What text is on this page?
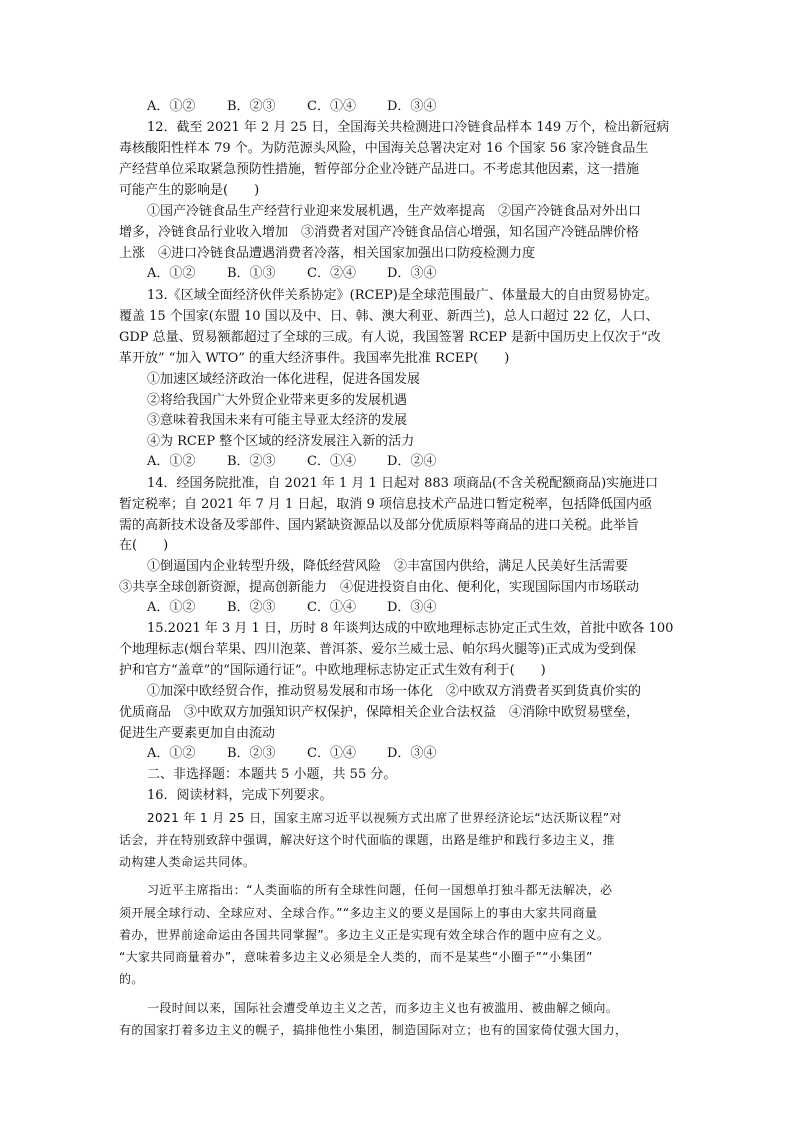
A．①② B．②③ C．①④ D．③④
12．截至 2021 年 2 月 25 日，全国海关共检测进口冷链食品样本 149 万个，检出新冠病
毒核酸阳性样本 79 个。为防范源头风险，中国海关总署决定对 16 个国家 56 家冷链食品生
产经营单位采取紧急预防性措施，暂停部分企业冷链产品进口。不考虑其他因素，这一措施
可能产生的影响是(　　)
①国产冷链食品生产经营行业迎来发展机遇，生产效率提高　②国产冷链食品对外出口
增多，冷链食品行业收入增加　③消费者对国产冷链食品信心增强，知名国产冷链品牌价格
上涨　④进口冷链食品遭遇消费者冷落，相关国家加强出口防疫检测力度
A．①② B．①③ C．②④ D．③④
13.《区域全面经济伙伴关系协定》(RCEP)是全球范围最广、体量最大的自由贸易协定。
覆盖 15 个国家(东盟 10 国以及中、日、韩、澳大利亚、新西兰)，总人口超过 22 亿，人口、
GDP 总量、贸易额都超过了全球的三成。有人说，我国签署 RCEP 是新中国历史上仅次于“改
革开放” “加入 WTO” 的重大经济事件。我国率先批准 RCEP(　　)
①加速区域经济政治一体化进程，促进各国发展
②将给我国广大外贸企业带来更多的发展机遇
③意味着我国未来有可能主导亚太经济的发展
④为 RCEP 整个区域的经济发展注入新的活力
A．①② B．②③ C．①④ D．②④
14．经国务院批准，自 2021 年 1 月 1 日起对 883 项商品(不含关税配额商品)实施进口
暂定税率；自 2021 年 7 月 1 日起，取消 9 项信息技术产品进口暂定税率，包括降低国内亟
需的高新技术设备及零部件、国内紧缺资源品以及部分优质原料等商品的进口关税。此举旨
在(　　)
①倒逼国内企业转型升级，降低经营风险　②丰富国内供给，满足人民美好生活需要
③共享全球创新资源，提高创新能力　④促进投资自由化、便利化，实现国际国内市场联动
A．①② B．②③ C．①④ D．③④
15.2021 年 3 月 1 日，历时 8 年谈判达成的中欧地理标志协定正式生效，首批中欧各 100
个地理标志(烟台苹果、四川泡菜、普洱茶、爱尔兰威士忌、帕尔玛火腿等)正式成为受到保
护和官方“盖章”的“国际通行证”。中欧地理标志协定正式生效有利于(　　)
①加深中欧经贸合作，推动贸易发展和市场一体化　②中欧双方消费者买到货真价实的
优质商品　③中欧双方加强知识产权保护，保障相关企业合法权益　④消除中欧贸易壁垒，
促进生产要素更加自由流动
A．①② B．②③ C．①④ D．③④
二、非选择题：本题共 5 小题，共 55 分。
16．阅读材料，完成下列要求。
2021 年 1 月 25 日，国家主席习近平以视频方式出席了世界经济论坛“达沃斯议程”对
话会，并在特别致辞中强调，解决好这个时代面临的课题，出路是维护和践行多边主义，推
动构建人类命运共同体。
习近平主席指出：“人类面临的所有全球性问题，任何一国想单打独斗都无法解决，必
须开展全球行动、全球应对、全球合作。”“多边主义的要义是国际上的事由大家共同商量
着办，世界前途命运由各国共同掌握”。多边主义正是实现有效全球合作的题中应有之义。
“大家共同商量着办”，意味着多边主义必须是全人类的，而不是某些“小圈子”“小集团”
的。
一段时间以来，国际社会遭受单边主义之苦，而多边主义也有被滥用、被曲解之倾向。
有的国家打着多边主义的幌子，搞排他性小集团，制造国际对立；也有的国家倚仗强大国力，
